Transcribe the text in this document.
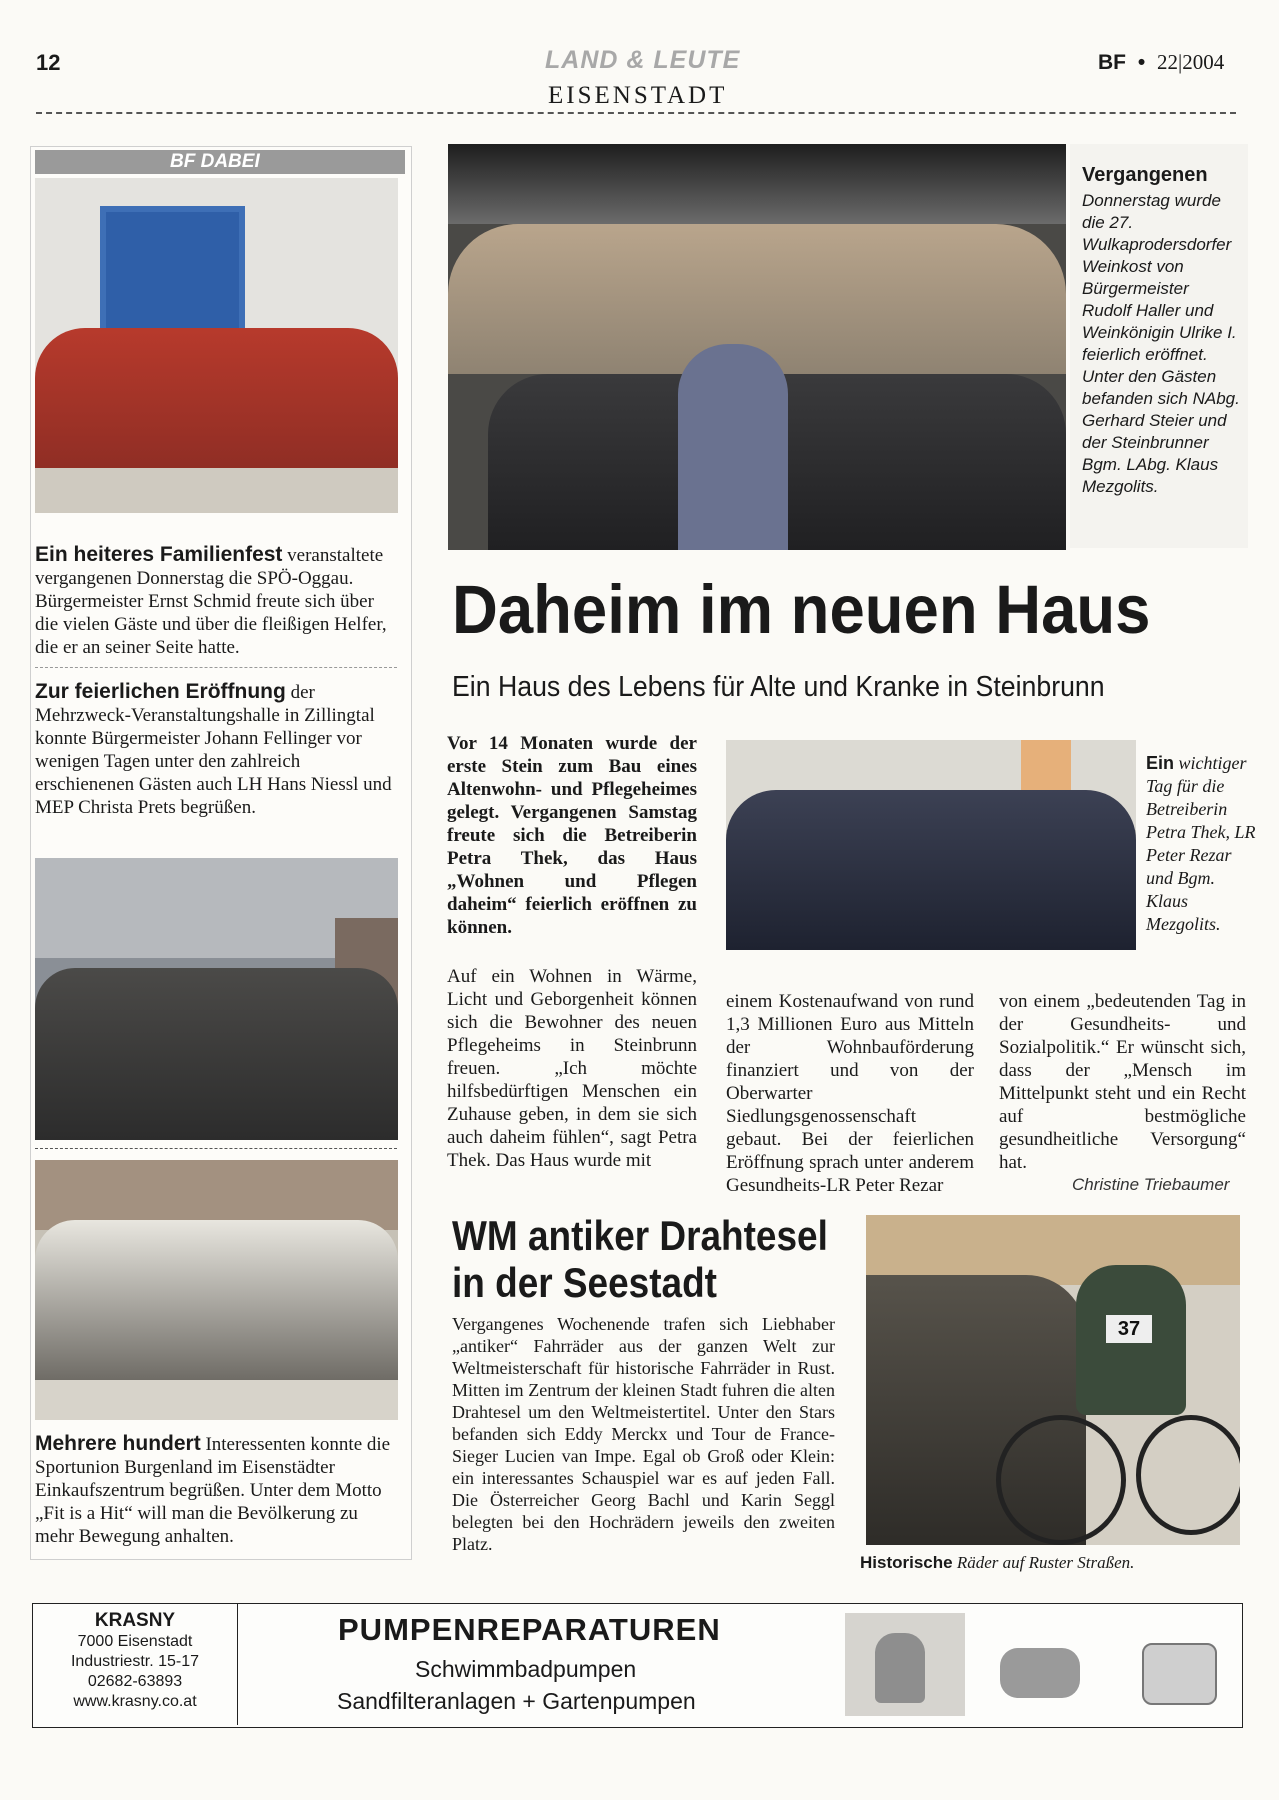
12	LAND & LEUTE
EISENSTADT
BF • 22|2004
BF DABEI
Ein heiteres Familienfest veranstaltete vergangenen Donnerstag die SPÖ-Oggau. Bürgermeister Ernst Schmid freute sich über die vielen Gäste und über die fleißigen Helfer, die er an seiner Seite hatte.
Zur feierlichen Eröffnung der Mehrzweck-Veranstaltungshalle in Zillingtal konnte Bürgermeister Johann Fellinger vor wenigen Tagen unter den zahlreich erschienenen Gästen auch LH Hans Niessl und MEP Christa Prets begrüßen.
Mehrere hundert Interessenten konnte die Sportunion Burgenland im Eisenstädter Einkaufszentrum begrüßen. Unter dem Motto „Fit is a Hit“ will man die Bevölkerung zu mehr Bewegung anhalten.
Vergangenen
Donnerstag wurde die 27. Wulkaprodersdorfer Weinkost von Bürgermeister Rudolf Haller und Weinkönigin Ulrike I. feierlich eröffnet. Unter den Gästen befanden sich NAbg. Gerhard Steier und der Steinbrunner Bgm. LAbg. Klaus Mezgolits.
Daheim im neuen Haus
Ein Haus des Lebens für Alte und Kranke in Steinbrunn
Vor 14 Monaten wurde der erste Stein zum Bau eines Altenwohn- und Pflegeheimes gelegt. Vergangenen Samstag freute sich die Betreiberin Petra Thek, das Haus „Wohnen und Pflegen daheim“ feierlich eröffnen zu können.
Ein wichtiger Tag für die Betreiberin Petra Thek, LR Peter Rezar und Bgm. Klaus Mezgolits.
Auf ein Wohnen in Wärme, Licht und Geborgenheit können sich die Bewohner des neuen Pflegeheims in Steinbrunn freuen. „Ich möchte hilfsbedürftigen Menschen ein Zuhause geben, in dem sie sich auch daheim fühlen“, sagt Petra Thek. Das Haus wurde mit
einem Kostenaufwand von rund 1,3 Millionen Euro aus Mitteln der Wohnbauförderung finanziert und von der Oberwarter Siedlungsgenossenschaft gebaut. Bei der feierlichen Eröffnung sprach unter anderem Gesundheits-LR Peter Rezar
von einem „bedeutenden Tag in der Gesundheits- und Sozialpolitik.“ Er wünscht sich, dass der „Mensch im Mittelpunkt steht und ein Recht auf bestmögliche gesundheitliche Versorgung“ hat.
Christine Triebaumer
WM antiker Drahtesel
in der Seestadt
Vergangenes Wochenende trafen sich Liebhaber „antiker“ Fahrräder aus der ganzen Welt zur Weltmeisterschaft für historische Fahrräder in Rust. Mitten im Zentrum der kleinen Stadt fuhren die alten Drahtesel um den Weltmeistertitel. Unter den Stars befanden sich Eddy Merckx und Tour de France-Sieger Lucien van Impe. Egal ob Groß oder Klein: ein interessantes Schauspiel war es auf jeden Fall. Die Österreicher Georg Bachl und Karin Seggl belegten bei den Hochrädern jeweils den zweiten Platz.
37
Historische Räder auf Ruster Straßen.
KRASNY
7000 Eisenstadt
Industriestr. 15-17
02682-63893
www.krasny.co.at
PUMPENREPARATUREN
Schwimmbadpumpen
Sandfilteranlagen + Gartenpumpen
